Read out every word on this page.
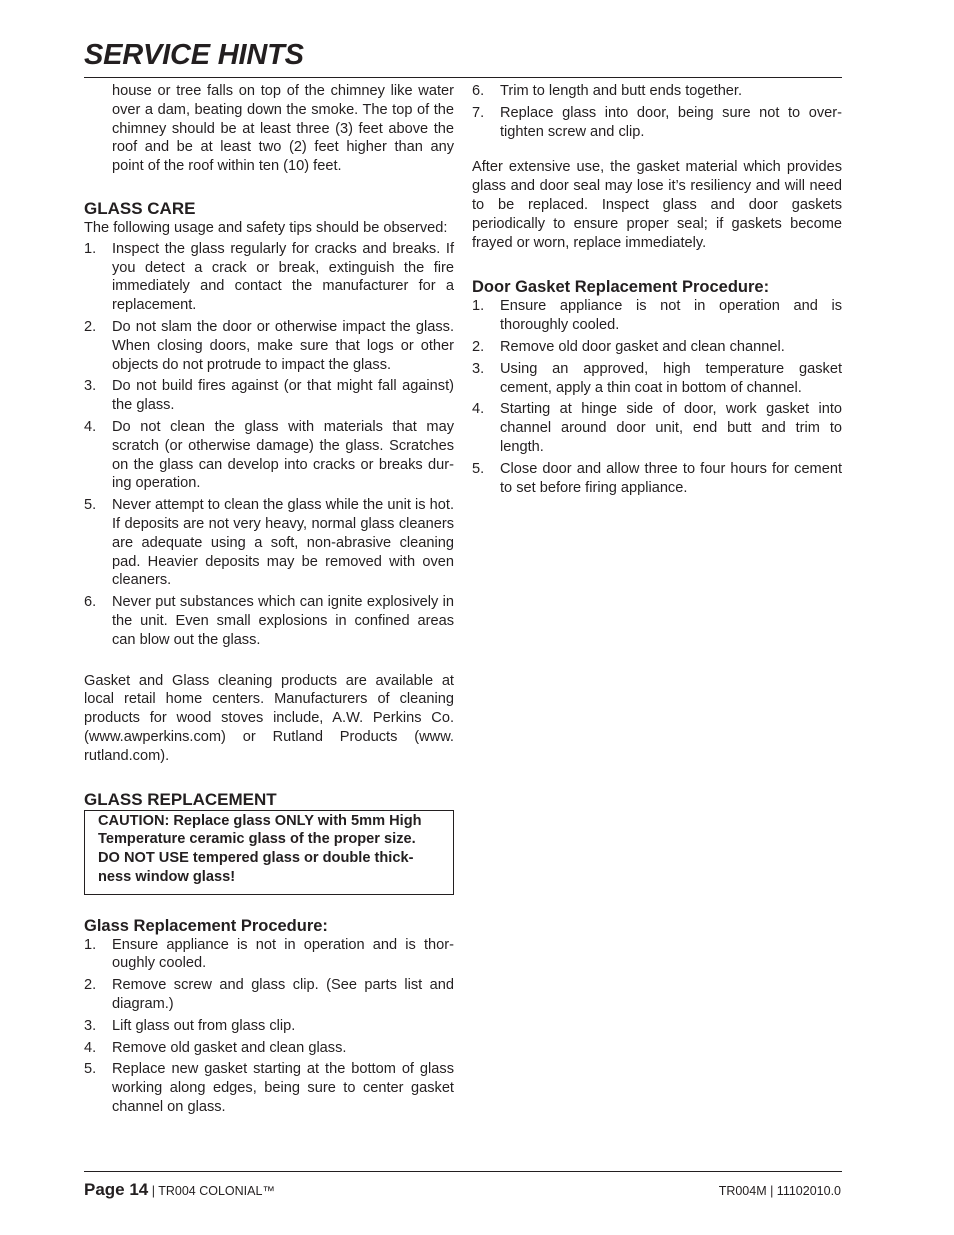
SERVICE HINTS

house or tree falls on top of the chimney like water over a dam, beating down the smoke. The top of the chimney should be at least three (3) feet above the roof and be at least two (2) feet higher than any point of the roof within ten (10) feet.

GLASS CARE

The following usage and safety tips should be observed:

1. Inspect the glass regularly for cracks and breaks. If you detect a crack or break, extinguish the fire immediately and contact the manufacturer for a replacement.
2. Do not slam the door or otherwise impact the glass. When closing doors, make sure that logs or other objects do not protrude to impact the glass.
3. Do not build fires against (or that might fall against) the glass.
4. Do not clean the glass with materials that may scratch (or otherwise damage) the glass. Scratches on the glass can develop into cracks or breaks during operation.
5. Never attempt to clean the glass while the unit is hot. If deposits are not very heavy, normal glass cleaners are adequate using a soft, non-abrasive cleaning pad. Heavier deposits may be removed with oven cleaners.
6. Never put substances which can ignite explosively in the unit. Even small explosions in confined areas can blow out the glass.

Gasket and Glass cleaning products are available at local retail home centers. Manufacturers of cleaning products for wood stoves include, A.W. Perkins Co. (www.awperkins.com) or Rutland Products (www. rutland.com).

GLASS REPLACEMENT
CAUTION: Replace glass ONLY with 5mm High Temperature ceramic glass of the proper size. DO NOT USE tempered glass or double thickness window glass!
Glass Replacement Procedure:
1. Ensure appliance is not in operation and is thoroughly cooled.
2. Remove screw and glass clip. (See parts list and diagram.)
3. Lift glass out from glass clip.
4. Remove old gasket and clean glass.
5. Replace new gasket starting at the bottom of glass working along edges, being sure to center gasket channel on glass.
6. Trim to length and butt ends together.
7. Replace glass into door, being sure not to overtighten screw and clip.

After extensive use, the gasket material which provides glass and door seal may lose it’s resiliency and will need to be replaced. Inspect glass and door gaskets periodically to ensure proper seal; if gaskets become frayed or worn, replace immediately.

Door Gasket Replacement Procedure:
1. Ensure appliance is not in operation and is thoroughly cooled.
2. Remove old door gasket and clean channel.
3. Using an approved, high temperature gasket cement, apply a thin coat in bottom of channel.
4. Starting at hinge side of door, work gasket into channel around door unit, end butt and trim to length.
5. Close door and allow three to four hours for cement to set before firing appliance.
Page 14 | TR004 COLONIAL™	TR004M | 11102010.0
